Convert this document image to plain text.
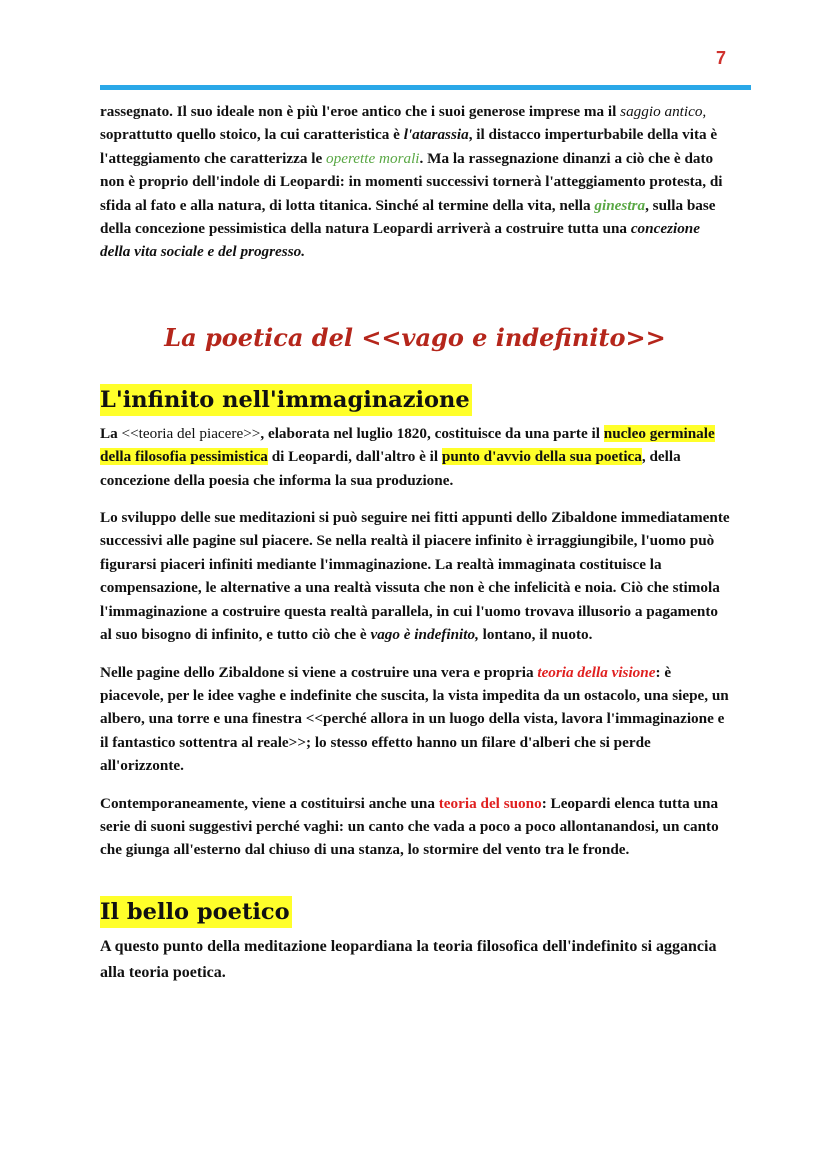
7

rassegnato. Il suo ideale non è più l'eroe antico che i suoi generose imprese ma il saggio antico, soprattutto quello stoico, la cui caratteristica è l'atarassia, il distacco imperturbabile della vita è l'atteggiamento che caratterizza le operette morali. Ma la rassegnazione dinanzi a ciò che è dato non è proprio dell'indole di Leopardi: in momenti successivi tornerà l'atteggiamento protesta, di sfida al fato e alla natura, di lotta titanica. Sinché al termine della vita, nella ginestra, sulla base della concezione pessimistica della natura Leopardi arriverà a costruire tutta una concezione della vita sociale e del progresso.

La poetica del <<vago e indefinito>>
L'infinito nell'immaginazione

La <<teoria del piacere>>, elaborata nel luglio 1820, costituisce da una parte il nucleo germinale della filosofia pessimistica di Leopardi, dall'altro è il punto d'avvio della sua poetica, della concezione della poesia che informa la sua produzione.

Lo sviluppo delle sue meditazioni si può seguire nei fitti appunti dello Zibaldone immediatamente successivi alle pagine sul piacere. Se nella realtà il piacere infinito è irraggiungibile, l'uomo può figurarsi piaceri infiniti mediante l'immaginazione. La realtà immaginata costituisce la compensazione, le alternative a una realtà vissuta che non è che infelicità e noia. Ciò che stimola l'immaginazione a costruire questa realtà parallela, in cui l'uomo trovava illusorio a pagamento al suo bisogno di infinito, e tutto ciò che è vago è indefinito, lontano, il nuoto.

Nelle pagine dello Zibaldone si viene a costruire una vera e propria teoria della visione: è piacevole, per le idee vaghe e indefinite che suscita, la vista impedita da un ostacolo, una siepe, un albero, una torre e una finestra <<perché allora in un luogo della vista, lavora l'immaginazione e il fantastico sottentra al reale>>; lo stesso effetto hanno un filare d'alberi che si perde all'orizzonte.

Contemporaneamente, viene a costituirsi anche una teoria del suono: Leopardi elenca tutta una serie di suoni suggestivi perché vaghi: un canto che vada a poco a poco allontanandosi, un canto che giunga all'esterno dal chiuso di una stanza, lo stormire del vento tra le fronde.

Il bello poetico

A questo punto della meditazione leopardiana la teoria filosofica dell'indefinito si aggancia alla teoria poetica.
